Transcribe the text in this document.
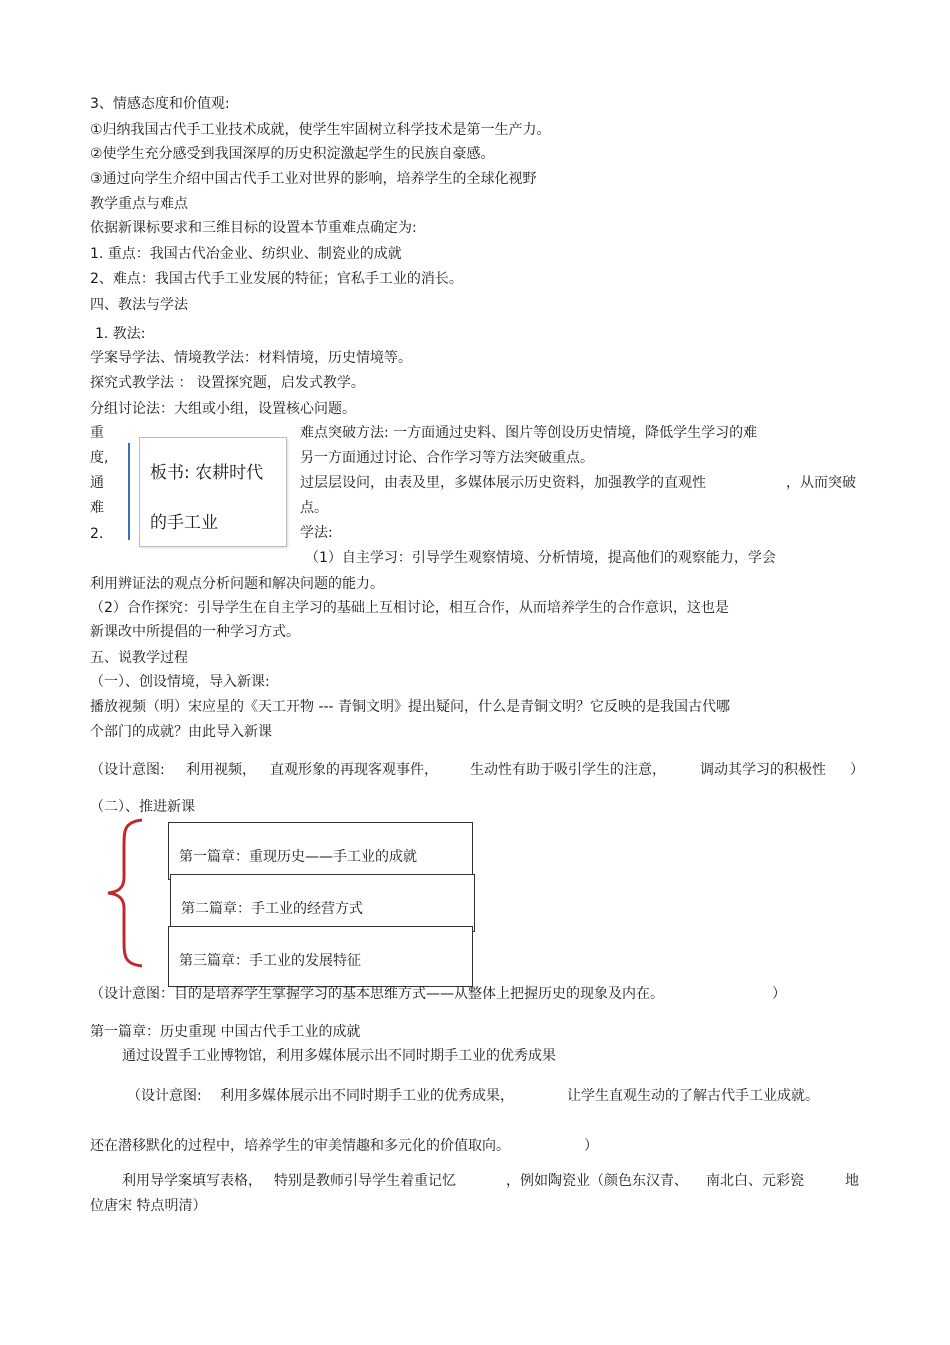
3、情感态度和价值观:
①归纳我国古代手工业技术成就，使学生牢固树立科学技术是第一生产力。
②使学生充分感受到我国深厚的历史积淀激起学生的民族自豪感。
③通过向学生介绍中国古代手工业对世界的影响，培养学生的全球化视野
教学重点与难点
依据新课标要求和三维目标的设置本节重难点确定为:
1. 重点：我国古代冶金业、纺织业、制瓷业的成就
2、难点：我国古代手工业发展的特征；官私手工业的消长。
四、教法与学法
1. 教法:
学案导学法、情境教学法：材料情境，历史情境等。
探究式教学法 ： 设置探究题，启发式教学。
分组讨论法：大组或小组，设置核心问题。
重
度,
通
难
2.
板书: 农耕时代
的手工业
难点突破方法: 一方面通过史料、图片等创设历史情境，降低学生学习的难
另一方面通过讨论、合作学习等方法突破重点。
过层层设问，由表及里，多媒体展示历史资料，加强教学的直观性	，从而突破
点。
学法:
（1）自主学习：引导学生观察情境、分析情境，提高他们的观察能力，学会
利用辨证法的观点分析问题和解决问题的能力。
（2）合作探究：引导学生在自主学习的基础上互相讨论，相互合作，从而培养学生的合作意识，这也是
新课改中所提倡的一种学习方式。
五、说教学过程
（一）、创设情境，导入新课:
播放视频（明）宋应星的《天工开物 --- 青铜文明》提出疑问，什么是青铜文明？它反映的是我国古代哪
个部门的成就？由此导入新课
（设计意图: 利用视频， 直观形象的再现客观事件， 生动性有助于吸引学生的注意， 调动其学习的积极性 ）
（二）、推进新课
第一篇章：重现历史——手工业的成就
第二篇章：手工业的经营方式
第三篇章：手工业的发展特征
（设计意图：目的是培养学生掌握学习的基本思维方式——从整体上把握历史的现象及内在。	）
第一篇章：历史重现 中国古代手工业的成就
通过设置手工业博物馆，利用多媒体展示出不同时期手工业的优秀成果
（设计意图: 利用多媒体展示出不同时期手工业的优秀成果，	让学生直观生动的了解古代手工业成就。
还在潜移默化的过程中，培养学生的审美情趣和多元化的价值取向。	）
利用导学案填写表格， 特别是教师引导学生着重记忆	，例如陶瓷业（颜色东汉青、 南北白、元彩瓷	地
位唐宋 特点明清）
